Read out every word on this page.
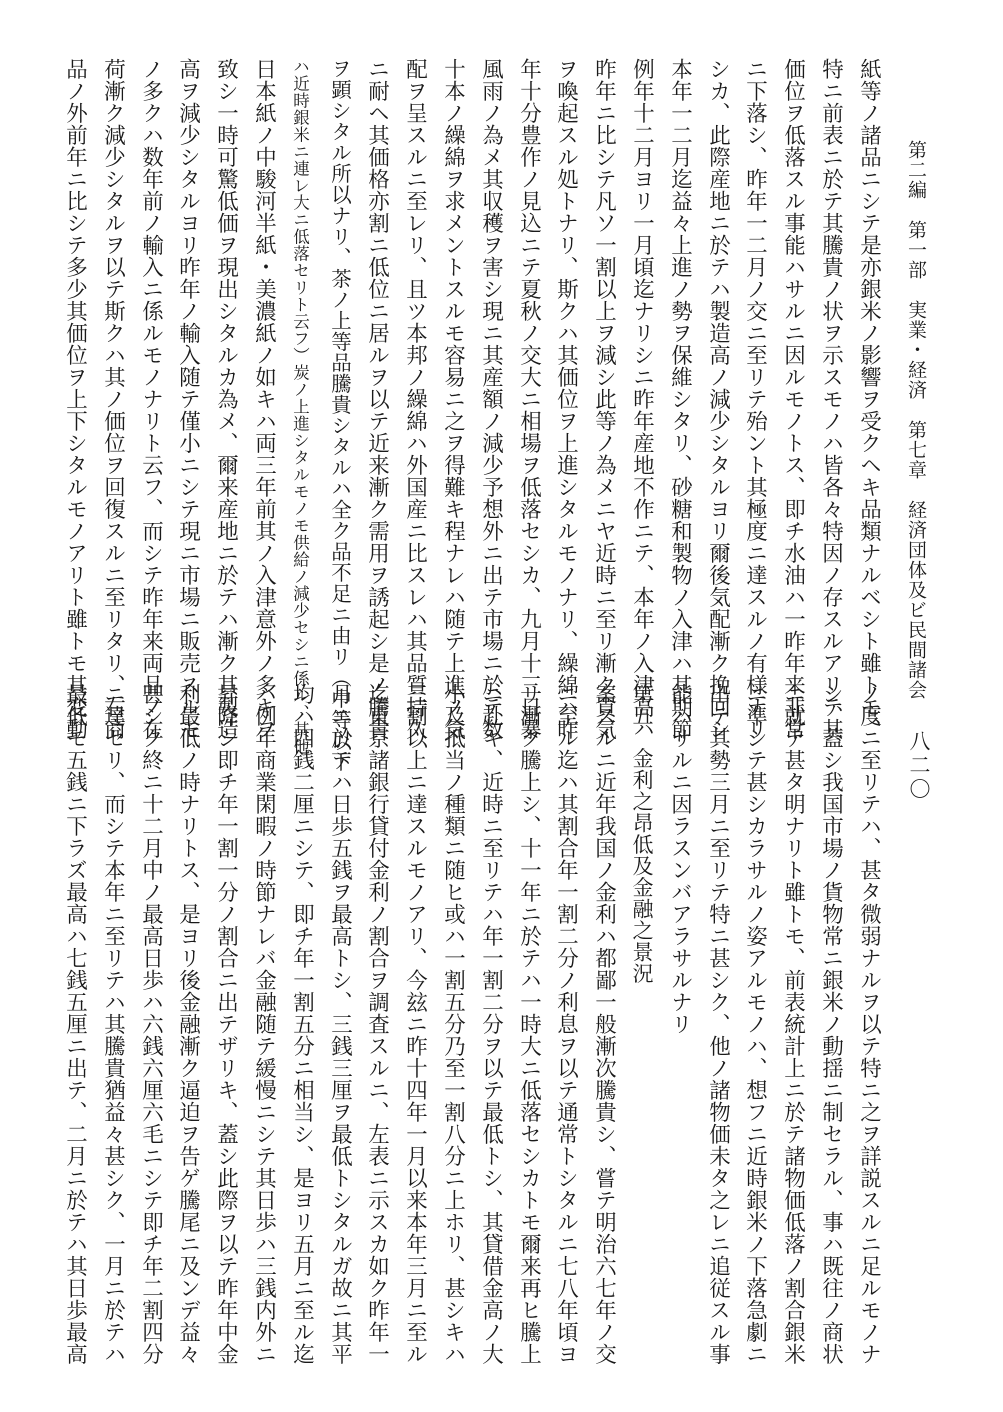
第二編　第一部　実業・経済　第七章　経済団体及ビ民間諸会

八二〇

紙等ノ諸品ニシテ是亦銀米ノ影響ヲ受クヘキ品類ナルベシト雖トモ、

特ニ前表ニ於テ其騰貴ノ状ヲ示スモノハ皆各々特因ノ存スルアリテ其

価位ヲ低落スル事能ハサルニ因ルモノトス、即チ水油ハ一昨年来非常

ニ下落シ、昨年一二月ノ交ニ至リテ殆ント其極度ニ達スルノ有様ナリ

シカ、此際産地ニ於テハ製造高ノ減少シタルヨリ爾後気配漸ク挽回シ

本年一二月迄益々上進ノ勢ヲ保維シタリ、砂糖和製物ノ入津ハ其期節

例年十二月ヨリ一月頃迄ナリシニ昨年産地不作ニテ、本年ノ入津高ハ

昨年ニ比シテ凡ソ一割以上ヲ減シ此等ノ為メニヤ近時ニ至リ漸ク買気

ヲ喚起スル処トナリ、斯クハ其価位ヲ上進シタルモノナリ、繰綿ハ昨

年十分豊作ノ見込ニテ夏秋ノ交大ニ相場ヲ低落セシカ、九月十三日暴

風雨ノ為メ其収穫ヲ害シ現ニ其産額ノ減少予想外ニ出テ市場ニ於テ数

十本ノ繰綿ヲ求メントスルモ容易ニ之ヲ得難キ程ナレハ随テ上進ノ気

配ヲ呈スルニ至レリ、且ツ本邦ノ繰綿ハ外国産ニ比スレハ其品質持久

ニ耐ヘ其価格亦割ニ低位ニ居ルヲ以テ近来漸ク需用ヲ誘起シ是ノ騰貴

ヲ顕シタル所以ナリ、茶ノ上等品騰貴シタルハ全ク品不足ニ由リ（中等以下

ハ近時銀米ニ連レ大ニ低落セリト云フ）炭ノ上進シタルモノモ供給ノ減少セシニ係ル、其他

日本紙ノ中駿河半紙・美濃紙ノ如キハ両三年前其ノ入津意外ノ多キヲ

致シ一時可驚低価ヲ現出シタルカ為メ、爾来産地ニ於テハ漸ク其製造

高ヲ減少シタルヨリ昨年ノ輸入随テ僅小ニシテ現ニ市場ニ販売スルモ

ノ多クハ数年前ノ輸入ニ係ルモノナリト云フ、而シテ昨年来両品ノ在

荷漸ク減少シタルヲ以テ斯クハ其ノ価位ヲ回復スルニ至リタリ、右商

品ノ外前年ニ比シテ多少其価位ヲ上下シタルモノアリト雖トモ其変動

ノ度ニ至リテハ、甚タ微弱ナルヲ以テ特ニ之ヲ詳説スルニ足ルモノナ

シ、蓋シ我国市場ノ貨物常ニ銀米ノ動揺ニ制セラル、事ハ既往ノ商状

ニ就テ甚タ明ナリト雖トモ、前表統計上ニ於テ諸物価低落ノ割合銀米

ニ準シテ甚シカラサルノ姿アルモノハ、想フニ近時銀米ノ下落急劇ニ

出テ其勢三月ニ至リテ特ニ甚シク、他ノ諸物価未タ之レニ追従スル事

能ハサルニ因ラスンバアラサルナリ

第五　金利之昂低及金融之景況

案スルニ近年我国ノ金利ハ都鄙一般漸次騰貴シ、嘗テ明治六七年ノ交

ニ至ル迄ハ其割合年一割二分ノ利息ヲ以テ通常トシタルニ七八年頃ヨ

リ漸ク騰上シ、十一年ニ於テハ一時大ニ低落セシカトモ爾来再ヒ騰上

ニ赴キ、近時ニ至リテハ年一割二分ヲ以テ最低トシ、其貸借金高ノ大

小及抵当ノ種類ニ随ヒ或ハ一割五分乃至一割八分ニ上ホリ、甚シキハ

三割以上ニ達スルモノアリ、今玆ニ昨十四年一月以来本年三月ニ至ル

迄東京諸銀行貸付金利ノ割合ヲ調査スルニ、左表ニ示スカ如ク昨年一

月ニ於テハ日歩五銭ヲ最高トシ、三銭三厘ヲ最低トシタルガ故ニ其平

均ハ四銭二厘ニシテ、即チ年一割五分ニ相当シ、是ヨリ五月ニ至ル迄

ハ例年商業閑暇ノ時節ナレバ金融随テ緩慢ニシテ其日歩ハ三銭内外ニ

昇降シ即チ年一割一分ノ割合ニ出テザリキ、蓋シ此際ヲ以テ昨年中金

利最低ノ時ナリトス、是ヨリ後金融漸ク逼迫ヲ告ゲ騰尾ニ及ンデ益々

甚シク終ニ十二月中ノ最高日歩ハ六銭六厘六毛ニシテ即チ年二割四分

ニ達セリ、而シテ本年ニ至リテハ其騰貴猶益々甚シク、一月ニ於テハ

最低モ五銭ニ下ラズ最高ハ七銭五厘ニ出テ、二月ニ於テハ其日歩最高
